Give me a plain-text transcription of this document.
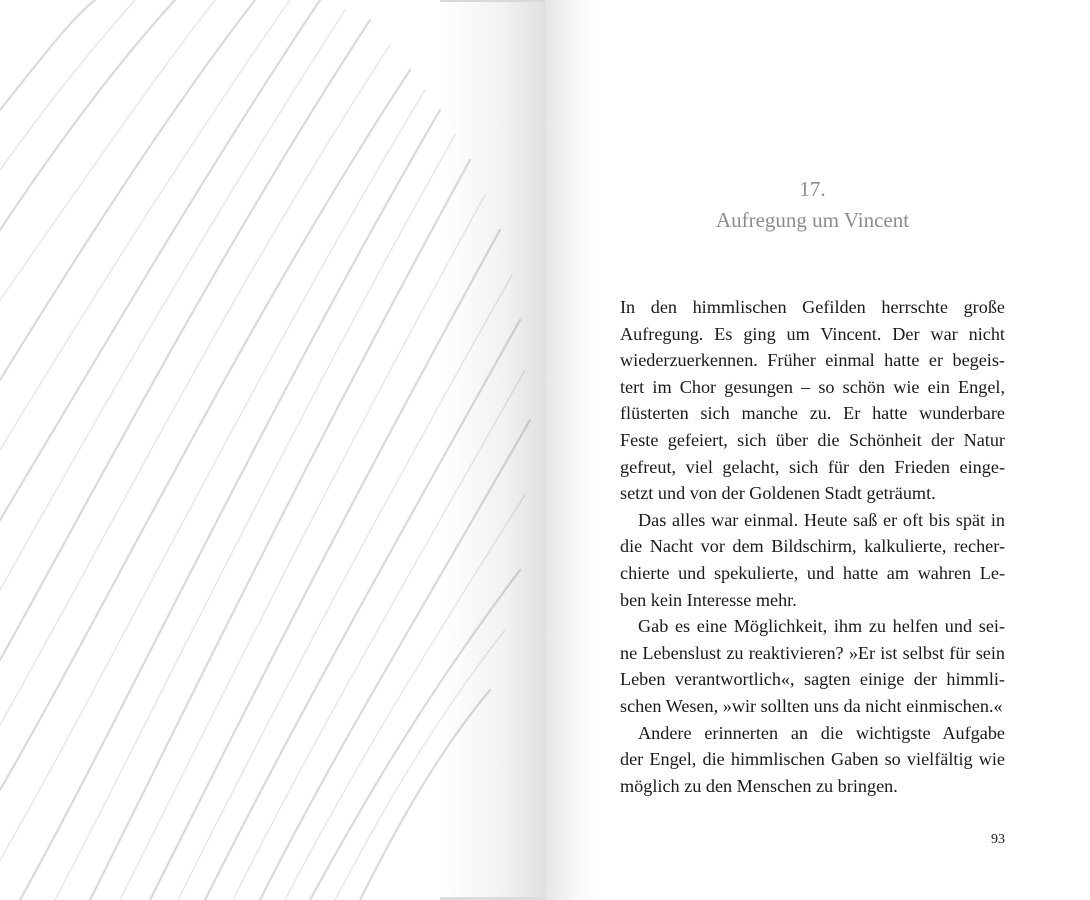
17.
Aufregung um Vincent
In den himmlischen Gefilden herrschte große
Aufregung. Es ging um Vincent. Der war nicht
wiederzuerkennen. Früher einmal hatte er begeis-
tert im Chor gesungen – so schön wie ein Engel,
flüsterten sich manche zu. Er hatte wunderbare
Feste gefeiert, sich über die Schönheit der Natur
gefreut, viel gelacht, sich für den Frieden einge-
setzt und von der Goldenen Stadt geträumt.
Das alles war einmal. Heute saß er oft bis spät in
die Nacht vor dem Bildschirm, kalkulierte, recher-
chierte und spekulierte, und hatte am wahren Le-
ben kein Interesse mehr.
Gab es eine Möglichkeit, ihm zu helfen und sei-
ne Lebenslust zu reaktivieren? »Er ist selbst für sein
Leben verantwortlich«, sagten einige der himmli-
schen Wesen, »wir sollten uns da nicht einmischen.«
Andere erinnerten an die wichtigste Aufgabe
der Engel, die himmlischen Gaben so vielfältig wie
möglich zu den Menschen zu bringen.
93
